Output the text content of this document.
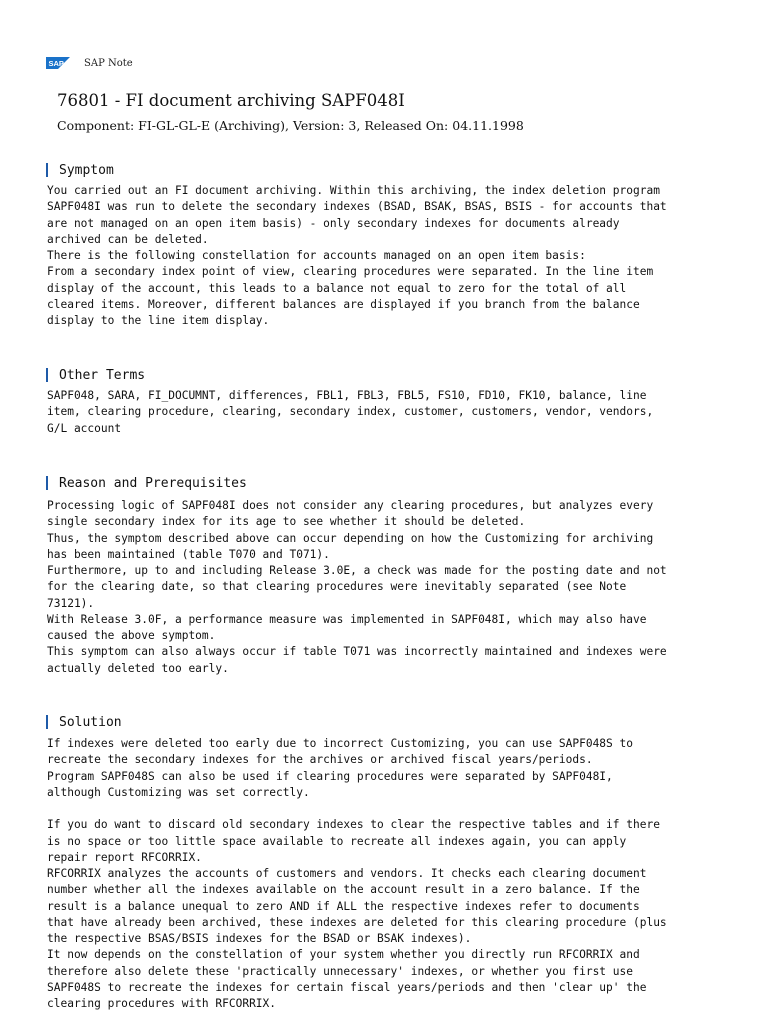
SAP SAP Note
76801 - FI document archiving SAPF048I

Component: FI-GL-GL-E (Archiving), Version: 3, Released On: 04.11.1998

Symptom
You carried out an FI document archiving. Within this archiving, the index deletion program
SAPF048I was run to delete the secondary indexes (BSAD, BSAK, BSAS, BSIS - for accounts that
are not managed on an open item basis) - only secondary indexes for documents already
archived can be deleted.
There is the following constellation for accounts managed on an open item basis:
From a secondary index point of view, clearing procedures were separated. In the line item
display of the account, this leads to a balance not equal to zero for the total of all
cleared items. Moreover, different balances are displayed if you branch from the balance
display to the line item display.
Other Terms
SAPF048, SARA, FI_DOCUMNT, differences, FBL1, FBL3, FBL5, FS10, FD10, FK10, balance, line
item, clearing procedure, clearing, secondary index, customer, customers, vendor, vendors,
G/L account
Reason and Prerequisites
Processing logic of SAPF048I does not consider any clearing procedures, but analyzes every
single secondary index for its age to see whether it should be deleted.
Thus, the symptom described above can occur depending on how the Customizing for archiving
has been maintained (table T070 and T071).
Furthermore, up to and including Release 3.0E, a check was made for the posting date and not
for the clearing date, so that clearing procedures were inevitably separated (see Note
73121).
With Release 3.0F, a performance measure was implemented in SAPF048I, which may also have
caused the above symptom.
This symptom can also always occur if table T071 was incorrectly maintained and indexes were
actually deleted too early.
Solution
If indexes were deleted too early due to incorrect Customizing, you can use SAPF048S to
recreate the secondary indexes for the archives or archived fiscal years/periods.
Program SAPF048S can also be used if clearing procedures were separated by SAPF048I,
although Customizing was set correctly.

If you do want to discard old secondary indexes to clear the respective tables and if there
is no space or too little space available to recreate all indexes again, you can apply
repair report RFCORRIX.
RFCORRIX analyzes the accounts of customers and vendors. It checks each clearing document
number whether all the indexes available on the account result in a zero balance. If the
result is a balance unequal to zero AND if ALL the respective indexes refer to documents
that have already been archived, these indexes are deleted for this clearing procedure (plus
the respective BSAS/BSIS indexes for the BSAD or BSAK indexes).
It now depends on the constellation of your system whether you directly run RFCORRIX and
therefore also delete these 'practically unnecessary' indexes, or whether you first use
SAPF048S to recreate the indexes for certain fiscal years/periods and then 'clear up' the
clearing procedures with RFCORRIX.
